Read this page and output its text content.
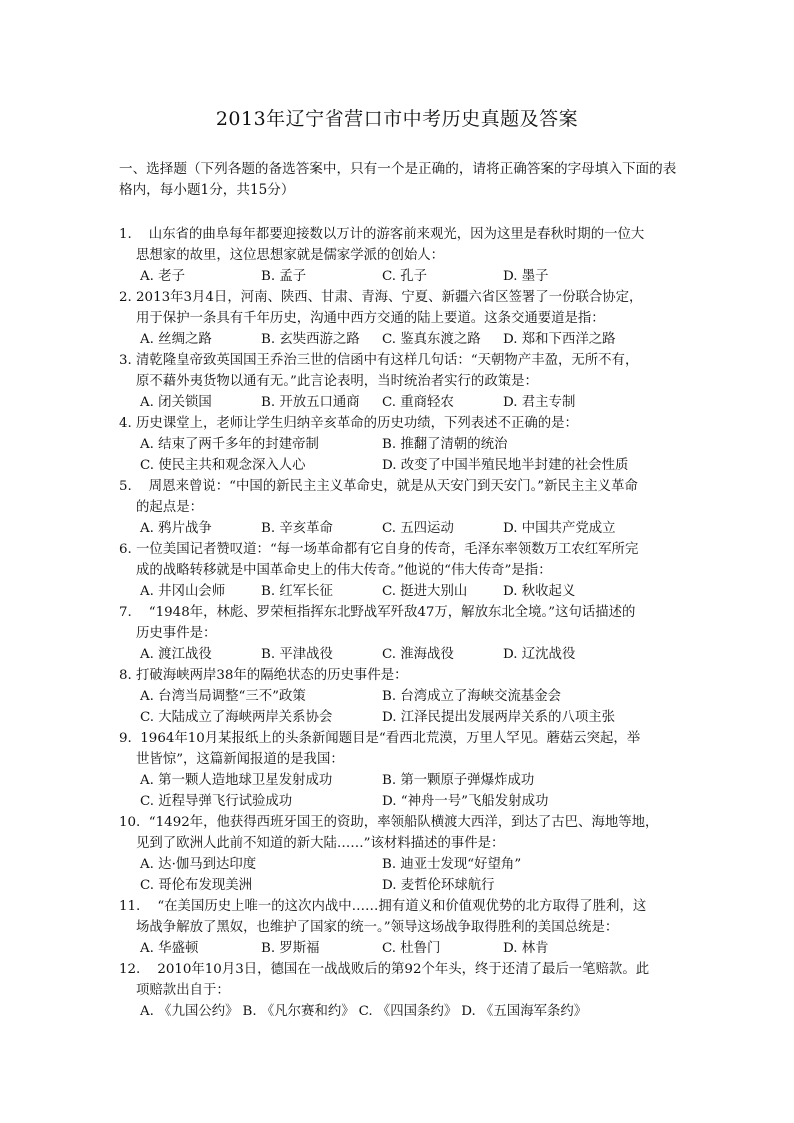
2013年辽宁省营口市中考历史真题及答案
一、选择题（下列各题的备选答案中，只有一个是正确的，请将正确答案的字母填入下面的表格内，每小题1分，共15分）
1.    山东省的曲阜每年都要迎接数以万计的游客前来观光，因为这里是春秋时期的一位大
思想家的故里，这位思想家就是儒家学派的创始人：
A. 老子	B. 孟子	C. 孔子	D. 墨子
2. 2013年3月4日，河南、陕西、甘肃、青海、宁夏、新疆六省区签署了一份联合协定，
用于保护一条具有千年历史，沟通中西方交通的陆上要道。这条交通要道是指：
A. 丝绸之路	B. 玄奘西游之路	C. 鉴真东渡之路	D. 郑和下西洋之路
3. 清乾隆皇帝致英国国王乔治三世的信函中有这样几句话：“天朝物产丰盈，无所不有，
原不藉外夷货物以通有无。”此言论表明，当时统治者实行的政策是：
A. 闭关锁国	B. 开放五口通商	C. 重商轻农	D. 君主专制
4. 历史课堂上，老师让学生归纳辛亥革命的历史功绩，下列表述不正确的是：
A. 结束了两千多年的封建帝制	B. 推翻了清朝的统治
C. 使民主共和观念深入人心	D. 改变了中国半殖民地半封建的社会性质
5.    周恩来曾说：“中国的新民主主义革命史，就是从天安门到天安门。”新民主主义革命
的起点是：
A. 鸦片战争	B. 辛亥革命	C. 五四运动	D. 中国共产党成立
6. 一位美国记者赞叹道：“每一场革命都有它自身的传奇，毛泽东率领数万工农红军所完
成的战略转移就是中国革命史上的伟大传奇。”他说的“伟大传奇”是指：
A. 井冈山会师	B. 红军长征	C. 挺进大别山	D. 秋收起义
7.    “1948年，林彪、罗荣桓指挥东北野战军歼敌47万，解放东北全境。”这句话描述的
历史事件是：
A. 渡江战役	B. 平津战役	C. 淮海战役	D. 辽沈战役
8. 打破海峡两岸38年的隔绝状态的历史事件是：
A. 台湾当局调整“三不”政策	B. 台湾成立了海峡交流基金会
C. 大陆成立了海峡两岸关系协会	D. 江泽民提出发展两岸关系的八项主张
9.  1964年10月某报纸上的头条新闻题目是“看西北荒漠，万里人罕见。蘑菇云突起，举
世皆惊”，这篇新闻报道的是我国：
A. 第一颗人造地球卫星发射成功	B. 第一颗原子弹爆炸成功
C. 近程导弹飞行试验成功	D. “神舟一号”飞船发射成功
10.  “1492年，他获得西班牙国王的资助，率领船队横渡大西洋，到达了古巴、海地等地，
见到了欧洲人此前不知道的新大陆……”该材料描述的事件是：
A. 达·伽马到达印度	B. 迪亚士发现“好望角”
C. 哥伦布发现美洲	D. 麦哲伦环球航行
11.    “在美国历史上唯一的这次内战中……拥有道义和价值观优势的北方取得了胜利，这
场战争解放了黑奴，也维护了国家的统一。”领导这场战争取得胜利的美国总统是：
A. 华盛顿	B. 罗斯福	C. 杜鲁门	D. 林肯
12.    2010年10月3日，德国在一战战败后的第92个年头，终于还清了最后一笔赔款。此
项赔款出自于：
A. 《九国公约》 B. 《凡尔赛和约》 C. 《四国条约》 D. 《五国海军条约》
